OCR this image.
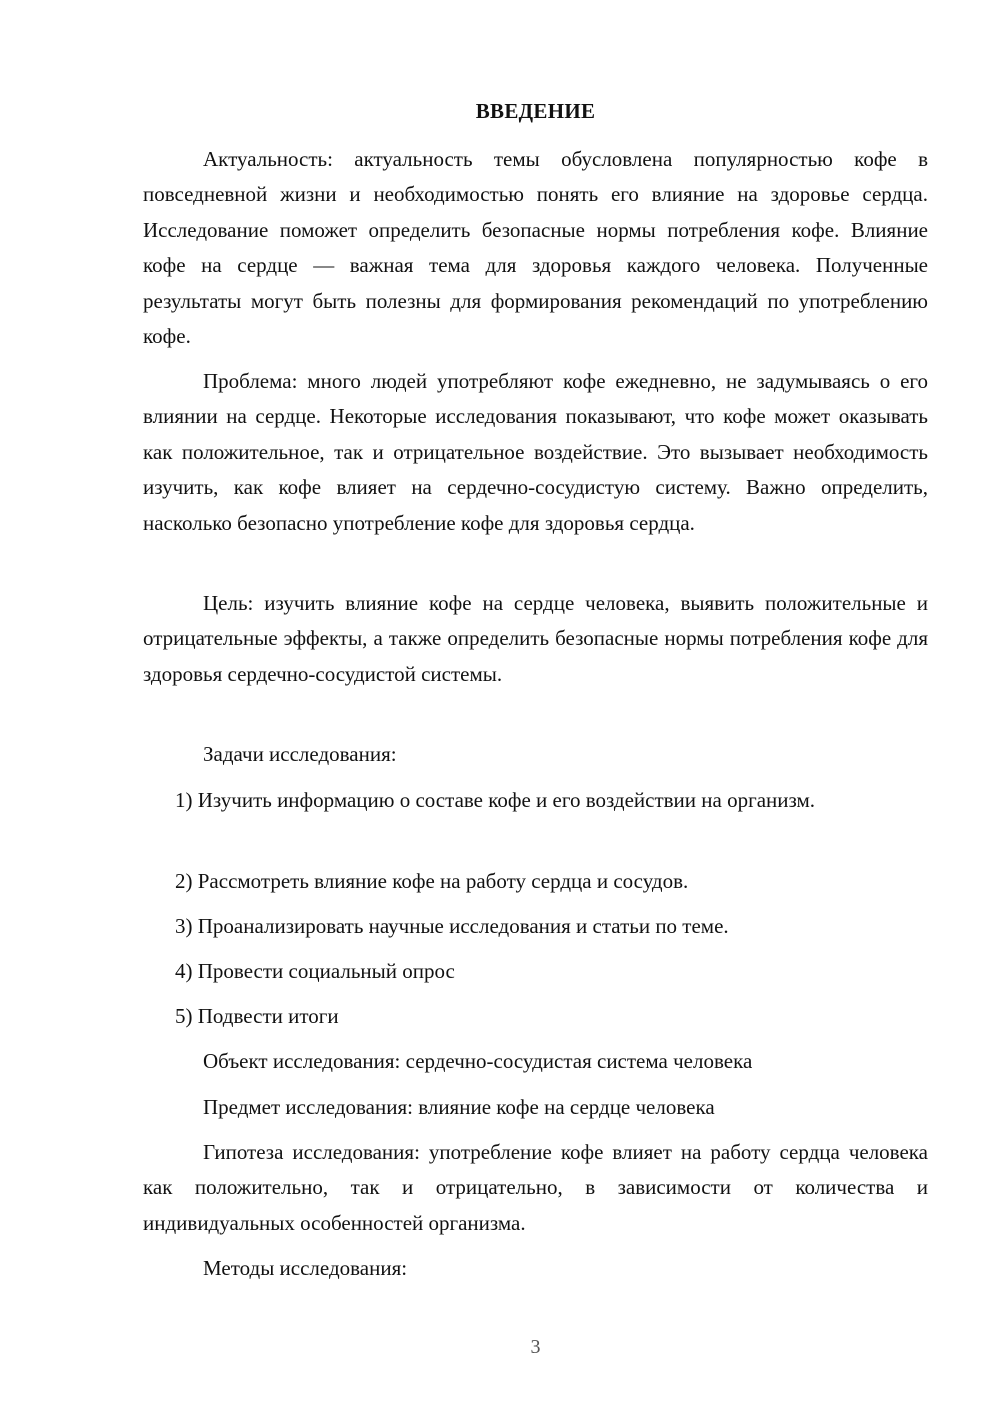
ВВЕДЕНИЕ

Актуальность: актуальность темы обусловлена популярностью кофе в повседневной жизни и необходимостью понять его влияние на здоровье сердца. Исследование поможет определить безопасные нормы потребления кофе. Влияние кофе на сердце — важная тема для здоровья каждого человека. Полученные результаты могут быть полезны для формирования рекомендаций по употреблению кофе.

Проблема: много людей употребляют кофе ежедневно, не задумываясь о его влиянии на сердце. Некоторые исследования показывают, что кофе может оказывать как положительное, так и отрицательное воздействие. Это вызывает необходимость изучить, как кофе влияет на сердечно-сосудистую систему. Важно определить, насколько безопасно употребление кофе для здоровья сердца.

Цель: изучить влияние кофе на сердце человека, выявить положительные и отрицательные эффекты, а также определить безопасные нормы потребления кофе для здоровья сердечно-сосудистой системы.

Задачи исследования:

1) Изучить информацию о составе кофе и его воздействии на организм.

2) Рассмотреть влияние кофе на работу сердца и сосудов.

3) Проанализировать научные исследования и статьи по теме.

4) Провести социальный опрос

5) Подвести итоги

Объект исследования: сердечно-сосудистая система человека

Предмет исследования: влияние кофе на сердце человека

Гипотеза исследования: употребление кофе влияет на работу сердца человека как положительно, так и отрицательно, в зависимости от количества и индивидуальных особенностей организма.

Методы исследования:

3
